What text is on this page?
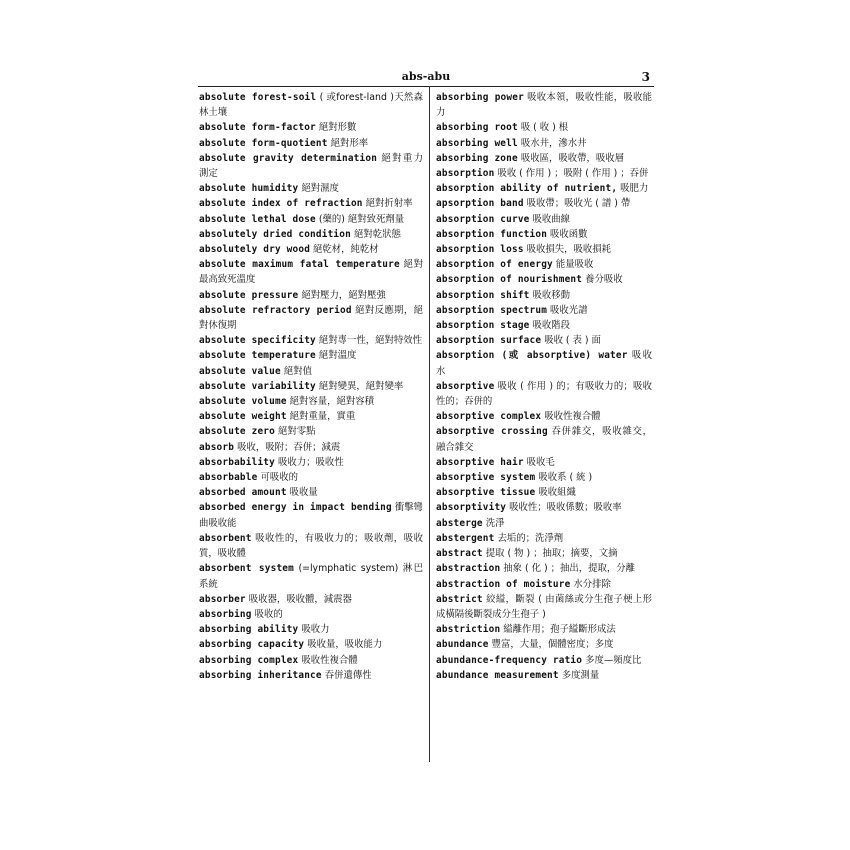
abs-abu	3
absolute forest-soil ( 或forest-land )天然森林土壤
absolute form-factor 絕對形數
absolute form-quotient 絕對形率
absolute gravity determination 絕對重力測定
absolute humidity 絕對濕度
absolute index of refraction 絕對折射率
absolute lethal dose (藥的) 絕對致死劑量
absolutely dried condition 絕對乾狀態
absolutely dry wood 絕乾材，純乾材
absolute maximum fatal temperature 絕對最高致死溫度
absolute pressure 絕對壓力，絕對壓強
absolute refractory period 絕對反應期，絕對休復期
absolute specificity 絕對專一性，絕對特效性
absolute temperature 絕對溫度
absolute value 絕對值
absolute variability 絕對變異，絕對變率
absolute volume 絕對容量，絕對容積
absolute weight 絕對重量，實重
absolute zero 絕對零點
absorb 吸收，吸附；吞併；減震
absorbability 吸收力；吸收性
absorbable 可吸收的
absorbed amount 吸收量
absorbed energy in impact bending 衝擊彎曲吸收能
absorbent 吸收性的，有吸收力的；吸收劑，吸收質，吸收體
absorbent system (=lymphatic system) 淋巴系統
absorber 吸收器，吸收體，減震器
absorbing 吸收的
absorbing ability 吸收力
absorbing capacity 吸收量，吸收能力
absorbing complex 吸收性複合體
absorbing inheritance 吞併遺傳性
absorbing power 吸收本領，吸收性能，吸收能力
absorbing root 吸 ( 收 ) 根
absorbing well 吸水井，滲水井
absorbing zone 吸收區，吸收帶，吸收層
absorption 吸收 ( 作用 ) ；吸附 ( 作用 ) ；吞併
absorption ability of nutrient, 吸肥力
apsorption band 吸收帶；吸收光 ( 譜 ) 帶
absorption curve 吸收曲線
absorption function 吸收函數
absorption loss 吸收損失，吸收損耗
absorption of energy 能量吸收
absorption of nourishment 養分吸收
absorption shift 吸收移動
absorption spectrum 吸收光譜
absorption stage 吸收階段
absorption surface 吸收 ( 表 ) 面
absorption (或 absorptive) water 吸收水
absorptive 吸收 ( 作用 ) 的；有吸收力的；吸收性的；吞併的
absorptive complex 吸收性複合體
absorptive crossing 吞併雜交，吸收雜交，融合雜交
absorptive hair 吸收毛
absorptive system 吸收系 ( 統 )
absorptive tissue 吸收組織
absorptivity 吸收性；吸收係數；吸收率
absterge 洗淨
abstergent 去垢的；洗淨劑
abstract 提取 ( 物 ) ；抽取；摘要，文摘
abstraction 抽象 ( 化 ) ；抽出，提取，分離
abstraction of moisture 水分排除
abstrict 絞縊，斷裂 ( 由菌絲或分生孢子梗上形成橫隔後斷裂成分生孢子 )
abstriction 縊離作用；孢子縊斷形成法
abundance 豐富，大量，個體密度；多度
abundance-frequency ratio 多度—頻度比
abundance measurement 多度測量
